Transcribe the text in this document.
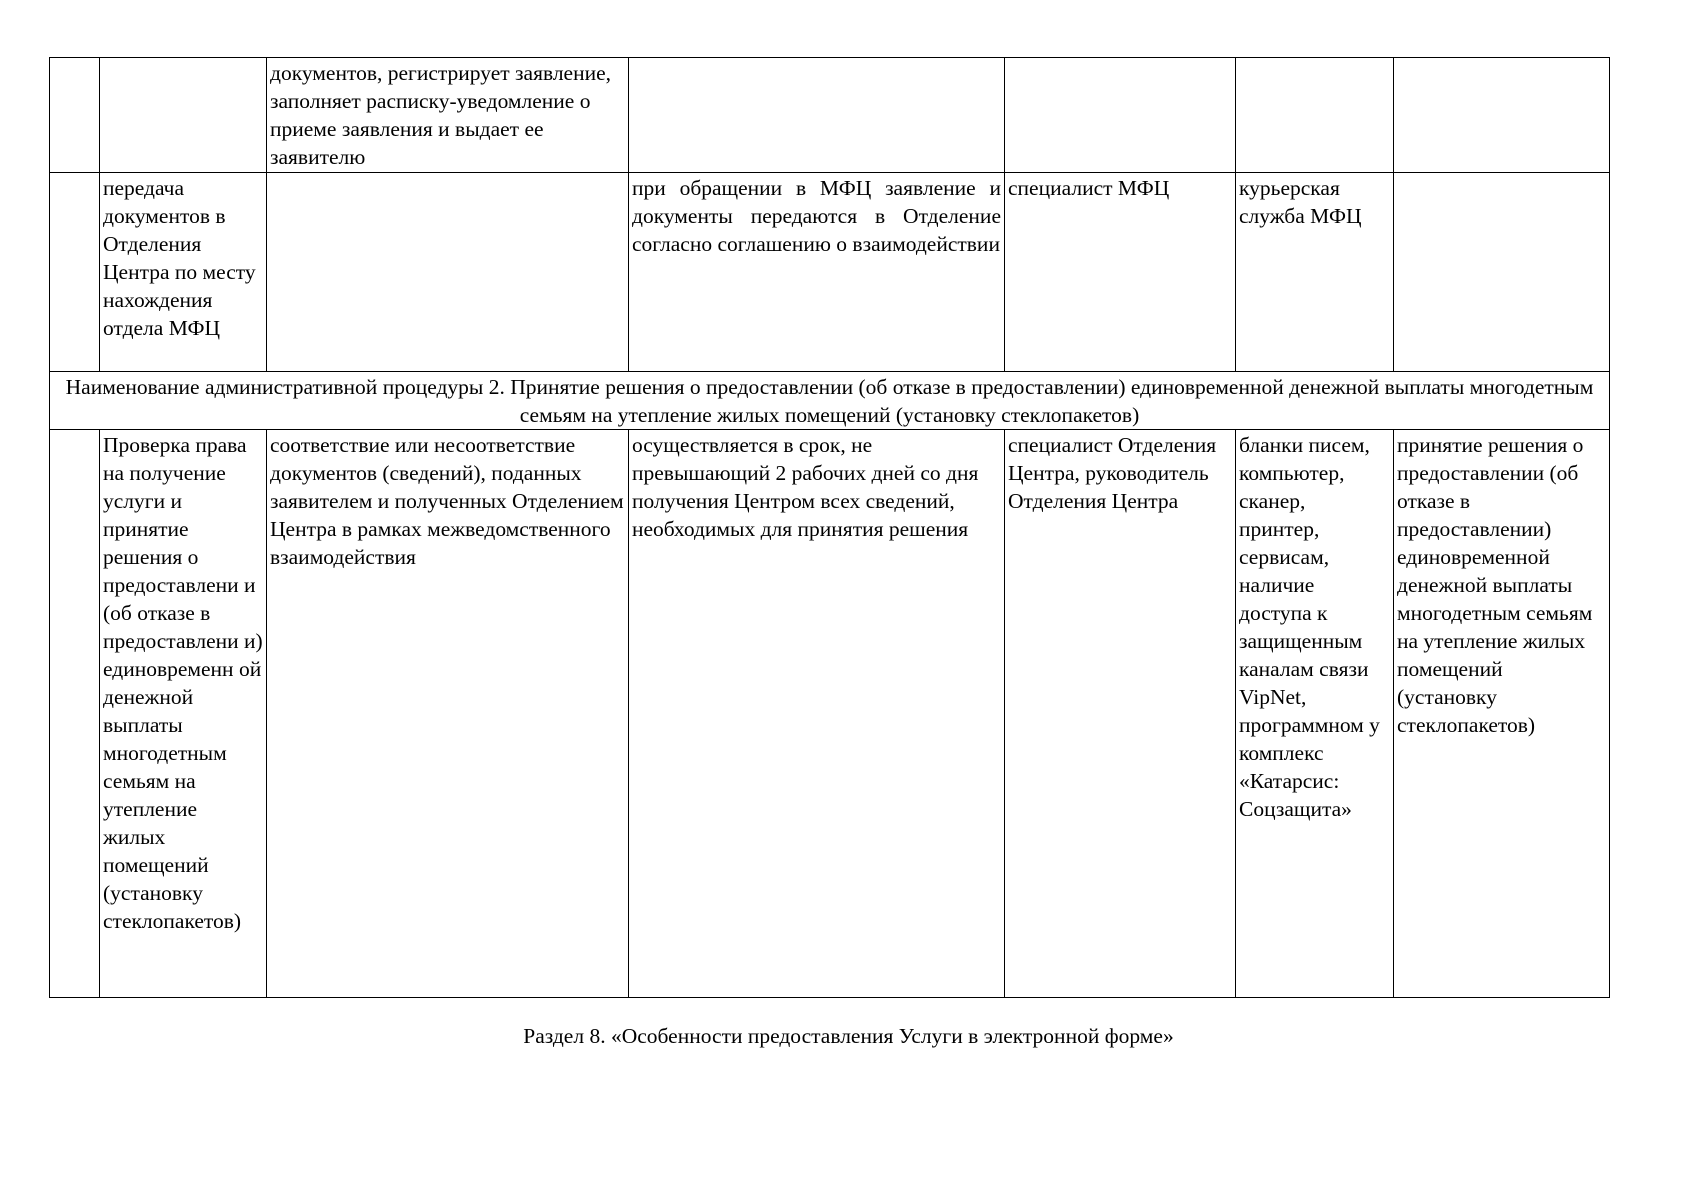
		документов, регистрирует заявление, заполняет расписку-уведомление о приеме заявления и выдает ее заявителю				
	передача документов в Отделения Центра по месту нахождения отдела МФЦ		при обращении в МФЦ заявление и документы передаются в Отделение согласно соглашению о взаимодействии	специалист МФЦ	курьерская служба МФЦ	
Наименование административной процедуры 2. Принятие решения о предоставлении (об отказе в предоставлении) единовременной денежной выплаты многодетным семьям на утепление жилых помещений (установку стеклопакетов)						
	Проверка права на получение услуги и принятие решения о предоставлени и (об отказе в предоставлени и) единовременн ой денежной выплаты многодетным семьям на утепление жилых помещений (установку стеклопакетов)	соответствие или несоответствие документов (сведений), поданных заявителем и полученных Отделением Центра в рамках межведомственного взаимодействия	осуществляется в срок, не превышающий 2 рабочих дней со дня получения Центром всех сведений, необходимых для принятия решения	специалист Отделения Центра, руководитель Отделения Центра	бланки писем, компьютер, сканер, принтер, сервисам, наличие доступа к защищенным каналам связи VipNet, программном у комплекс «Катарсис: Соцзащита»	принятие решения о предоставлении (об отказе в предоставлении) единовременной денежной выплаты многодетным семьям на утепление жилых помещений (установку стеклопакетов)
Раздел 8. «Особенности предоставления Услуги в электронной форме»
